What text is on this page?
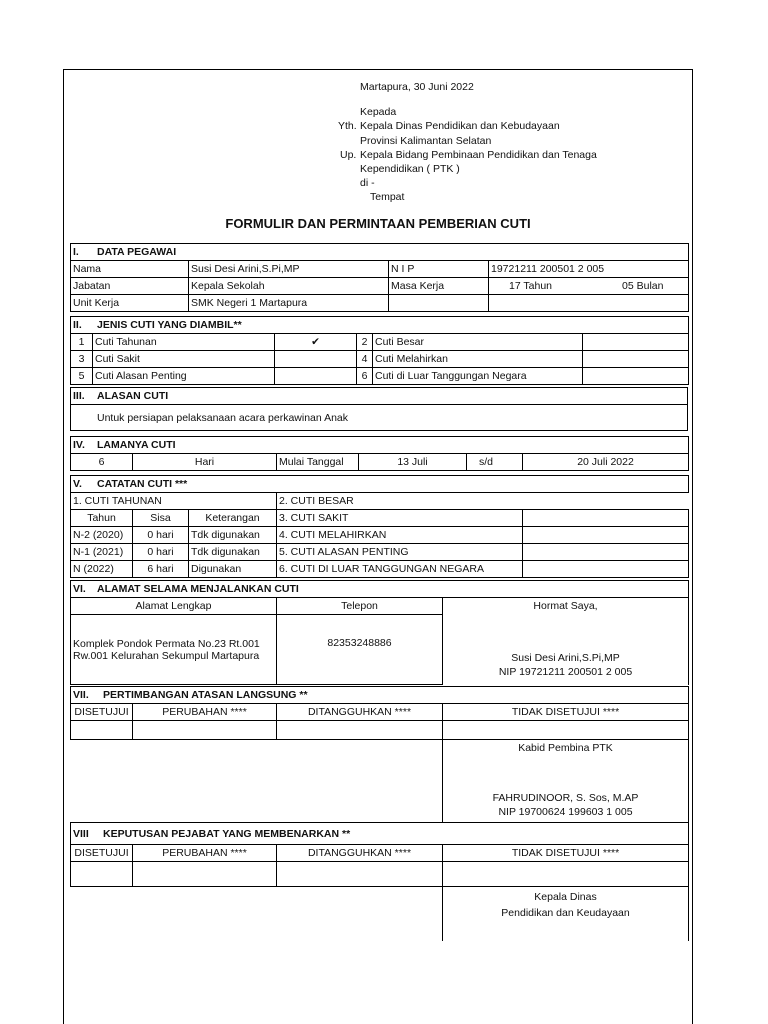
Martapura, 30 Juni 2022
Kepada
Yth. Kepala Dinas Pendidikan dan Kebudayaan
Provinsi Kalimantan Selatan
Up. Kepala Bidang Pembinaan Pendidikan dan Tenaga
Kependidikan ( PTK )
di -
Tempat
FORMULIR DAN PERMINTAAN PEMBERIAN CUTI
I. DATA PEGAWAI			
Nama	Susi Desi Arini,S.Pi,MP	N I P	19721211 200501 2 005
Jabatan	Kepala Sekolah	Masa Kerja	17 Tahun 05 Bulan
Unit Kerja	SMK Negeri 1 Martapura		
II. JENIS CUTI YANG DIAMBIL**					
1	Cuti Tahunan	✔	2	Cuti Besar	
3	Cuti Sakit		4	Cuti Melahirkan	
5	Cuti Alasan Penting		6	Cuti di Luar Tanggungan Negara	
III. ALASAN CUTI
Untuk persiapan pelaksanaan acara perkawinan Anak
IV. LAMANYA CUTI
6	Hari	Mulai Tanggal	13 Juli	s/d	20 Juli 2022
V. CATATAN CUTI ***				
1. CUTI TAHUNAN			2. CUTI BESAR	
Tahun	Sisa	Keterangan	3. CUTI SAKIT	
N-2 (2020)	0 hari	Tdk digunakan	4. CUTI MELAHIRKAN	
N-1 (2021)	0 hari	Tdk digunakan	5. CUTI ALASAN PENTING	
N (2022)	6 hari	Digunakan	6. CUTI DI LUAR TANGGUNGAN NEGARA	
VI. ALAMAT SELAMA MENJALANKAN CUTI		
Alamat Lengkap	Telepon	Hormat Saya,
Susi Desi Arini,S.Pi,MP
NIP 19721211 200501 2 005

Komplek Pondok Permata No.23 Rt.001
Rw.001 Kelurahan Sekumpul Martapura	82353248886	
VII. PERTIMBANGAN ATASAN LANGSUNG **			
DISETUJUI	PERUBAHAN ****	DITANGGUHKAN ****	TIDAK DISETUJUI ****

			Kabid Pembina PTK
FAHRUDINOOR, S. Sos, M.AP
NIP 19700624 199603 1 005
VIII KEPUTUSAN PEJABAT YANG MEMBENARKAN **			
DISETUJUI	PERUBAHAN ****	DITANGGUHKAN ****	TIDAK DISETUJUI ****

			Kepala Dinas
Pendidikan dan Keudayaan
